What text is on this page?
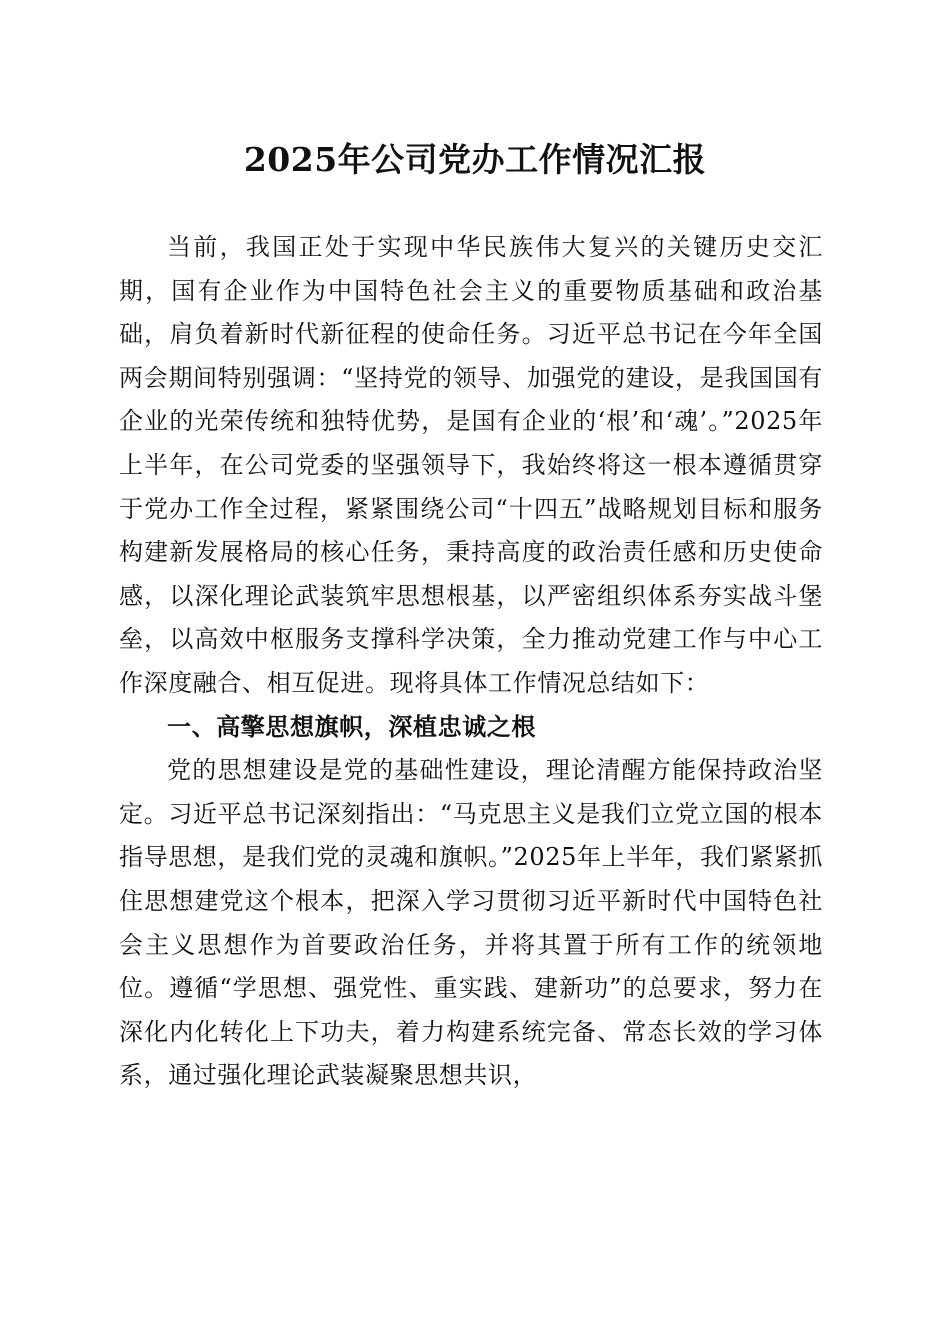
2025年公司党办工作情况汇报

当前，我国正处于实现中华民族伟大复兴的关键历史交汇期，国有企业作为中国特色社会主义的重要物质基础和政治基础，肩负着新时代新征程的使命任务。习近平总书记在今年全国两会期间特别强调：“坚持党的领导、加强党的建设，是我国国有企业的光荣传统和独特优势，是国有企业的‘根’和‘魂’。”2025年上半年，在公司党委的坚强领导下，我始终将这一根本遵循贯穿于党办工作全过程，紧紧围绕公司“十四五”战略规划目标和服务构建新发展格局的核心任务，秉持高度的政治责任感和历史使命感，以深化理论武装筑牢思想根基，以严密组织体系夯实战斗堡垒，以高效中枢服务支撑科学决策，全力推动党建工作与中心工作深度融合、相互促进。现将具体工作情况总结如下：

一、高擎思想旗帜，深植忠诚之根

党的思想建设是党的基础性建设，理论清醒方能保持政治坚定。习近平总书记深刻指出：“马克思主义是我们立党立国的根本指导思想，是我们党的灵魂和旗帜。”2025年上半年，我们紧紧抓住思想建党这个根本，把深入学习贯彻习近平新时代中国特色社会主义思想作为首要政治任务，并将其置于所有工作的统领地位。遵循“学思想、强党性、重实践、建新功”的总要求，努力在深化内化转化上下功夫，着力构建系统完备、常态长效的学习体系，通过强化理论武装凝聚思想共识，
